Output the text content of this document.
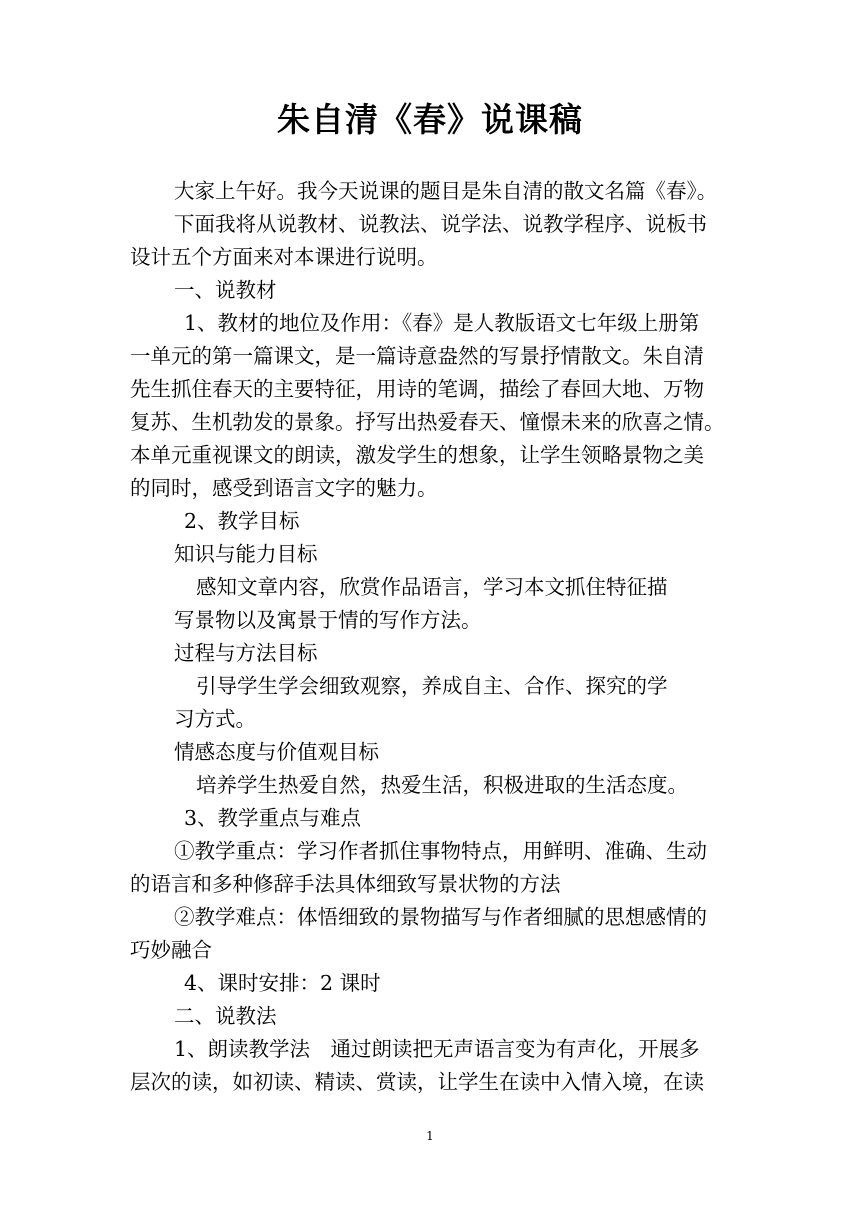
朱自清《春》说课稿
大家上午好。我今天说课的题目是朱自清的散文名篇《春》。
下面我将从说教材、说教法、说学法、说教学程序、说板书
设计五个方面来对本课进行说明。
一、说教材
1、教材的地位及作用：《春》是人教版语文七年级上册第
一单元的第一篇课文，是一篇诗意盎然的写景抒情散文。朱自清
先生抓住春天的主要特征，用诗的笔调，描绘了春回大地、万物
复苏、生机勃发的景象。抒写出热爱春天、憧憬未来的欣喜之情。
本单元重视课文的朗读，激发学生的想象，让学生领略景物之美
的同时，感受到语言文字的魅力。
2、教学目标
知识与能力目标
感知文章内容，欣赏作品语言，学习本文抓住特征描
写景物以及寓景于情的写作方法。
过程与方法目标
引导学生学会细致观察，养成自主、合作、探究的学
习方式。
情感态度与价值观目标
培养学生热爱自然，热爱生活，积极进取的生活态度。
3、教学重点与难点
①教学重点：学习作者抓住事物特点，用鲜明、准确、生动
的语言和多种修辞手法具体细致写景状物的方法
②教学难点：体悟细致的景物描写与作者细腻的思想感情的
巧妙融合
4、课时安排：2 课时
二、说教法
1、朗读教学法　通过朗读把无声语言变为有声化，开展多
层次的读，如初读、精读、赏读，让学生在读中入情入境，在读
1
